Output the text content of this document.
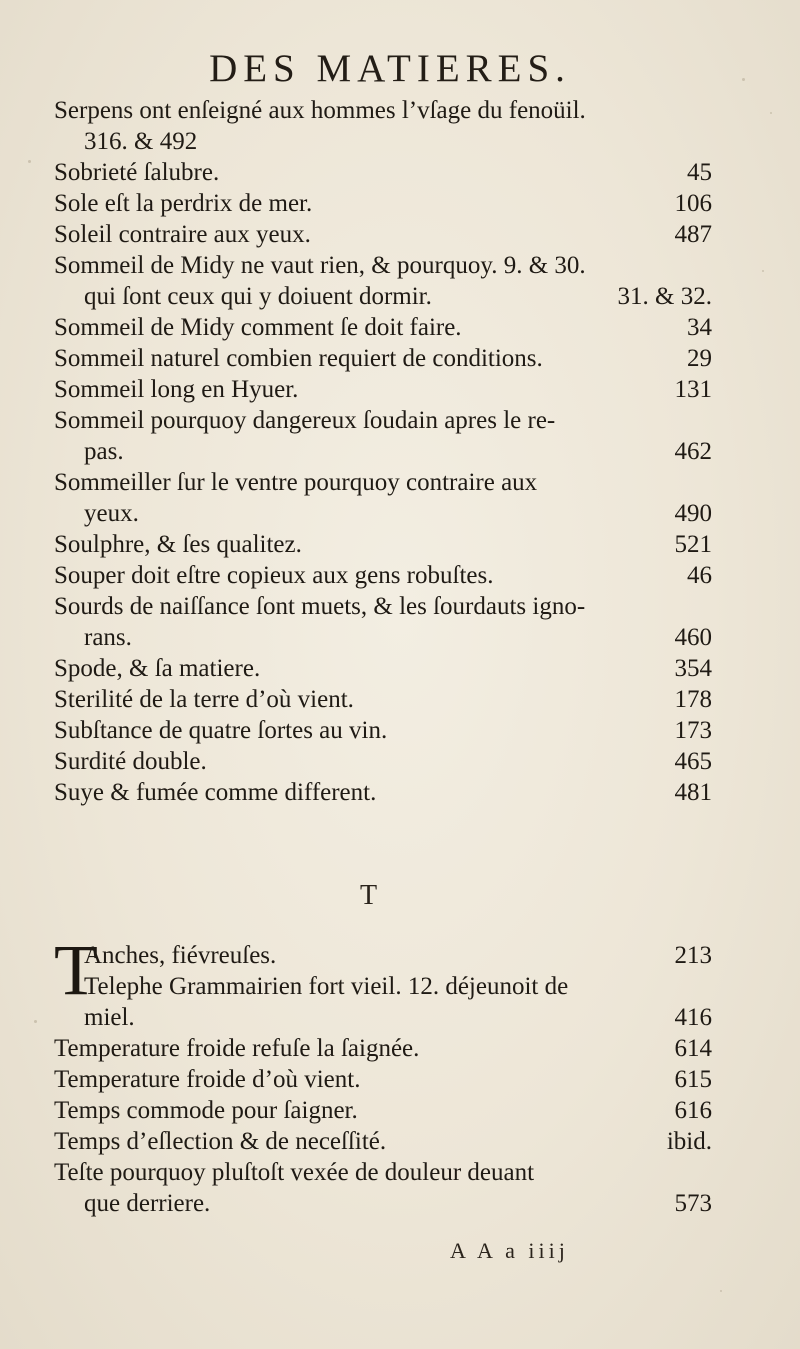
DES MATIERES.
Serpens ont enſeigné aux hommes l’vſage du fenoüil.
316. & 492
Sobrieté ſalubre.	45
Sole eſt la perdrix de mer.	106
Soleil contraire aux yeux.	487
Sommeil de Midy ne vaut rien, & pourquoy. 9. & 30.
qui ſont ceux qui y doiuent dormir.	31. & 32.
Sommeil de Midy comment ſe doit faire.	34
Sommeil naturel combien requiert de conditions.	29
Sommeil long en Hyuer.	131
Sommeil pourquoy dangereux ſoudain apres le re-
pas.	462
Sommeiller ſur le ventre pourquoy contraire aux
yeux.	490
Soulphre, & ſes qualitez.	521
Souper doit eſtre copieux aux gens robuſtes.	46
Sourds de naiſſance ſont muets, & les ſourdauts igno-
rans.	460
Spode, & ſa matiere.	354
Sterilité de la terre d’où vient.	178
Subſtance de quatre ſortes au vin.	173
Surdité double.	465
Suye & fumée comme different.	481
T
T
Anches, fiévreuſes.	213
Telephe Grammairien fort vieil. 12. déjeunoit de
miel.	416
Temperature froide refuſe la ſaignée.	614
Temperature froide d’où vient.	615
Temps commode pour ſaigner.	616
Temps d’eſlection & de neceſſité.	ibid.
Teſte pourquoy pluſtoſt vexée de douleur deuant
que derriere.	573
A A a iiij
